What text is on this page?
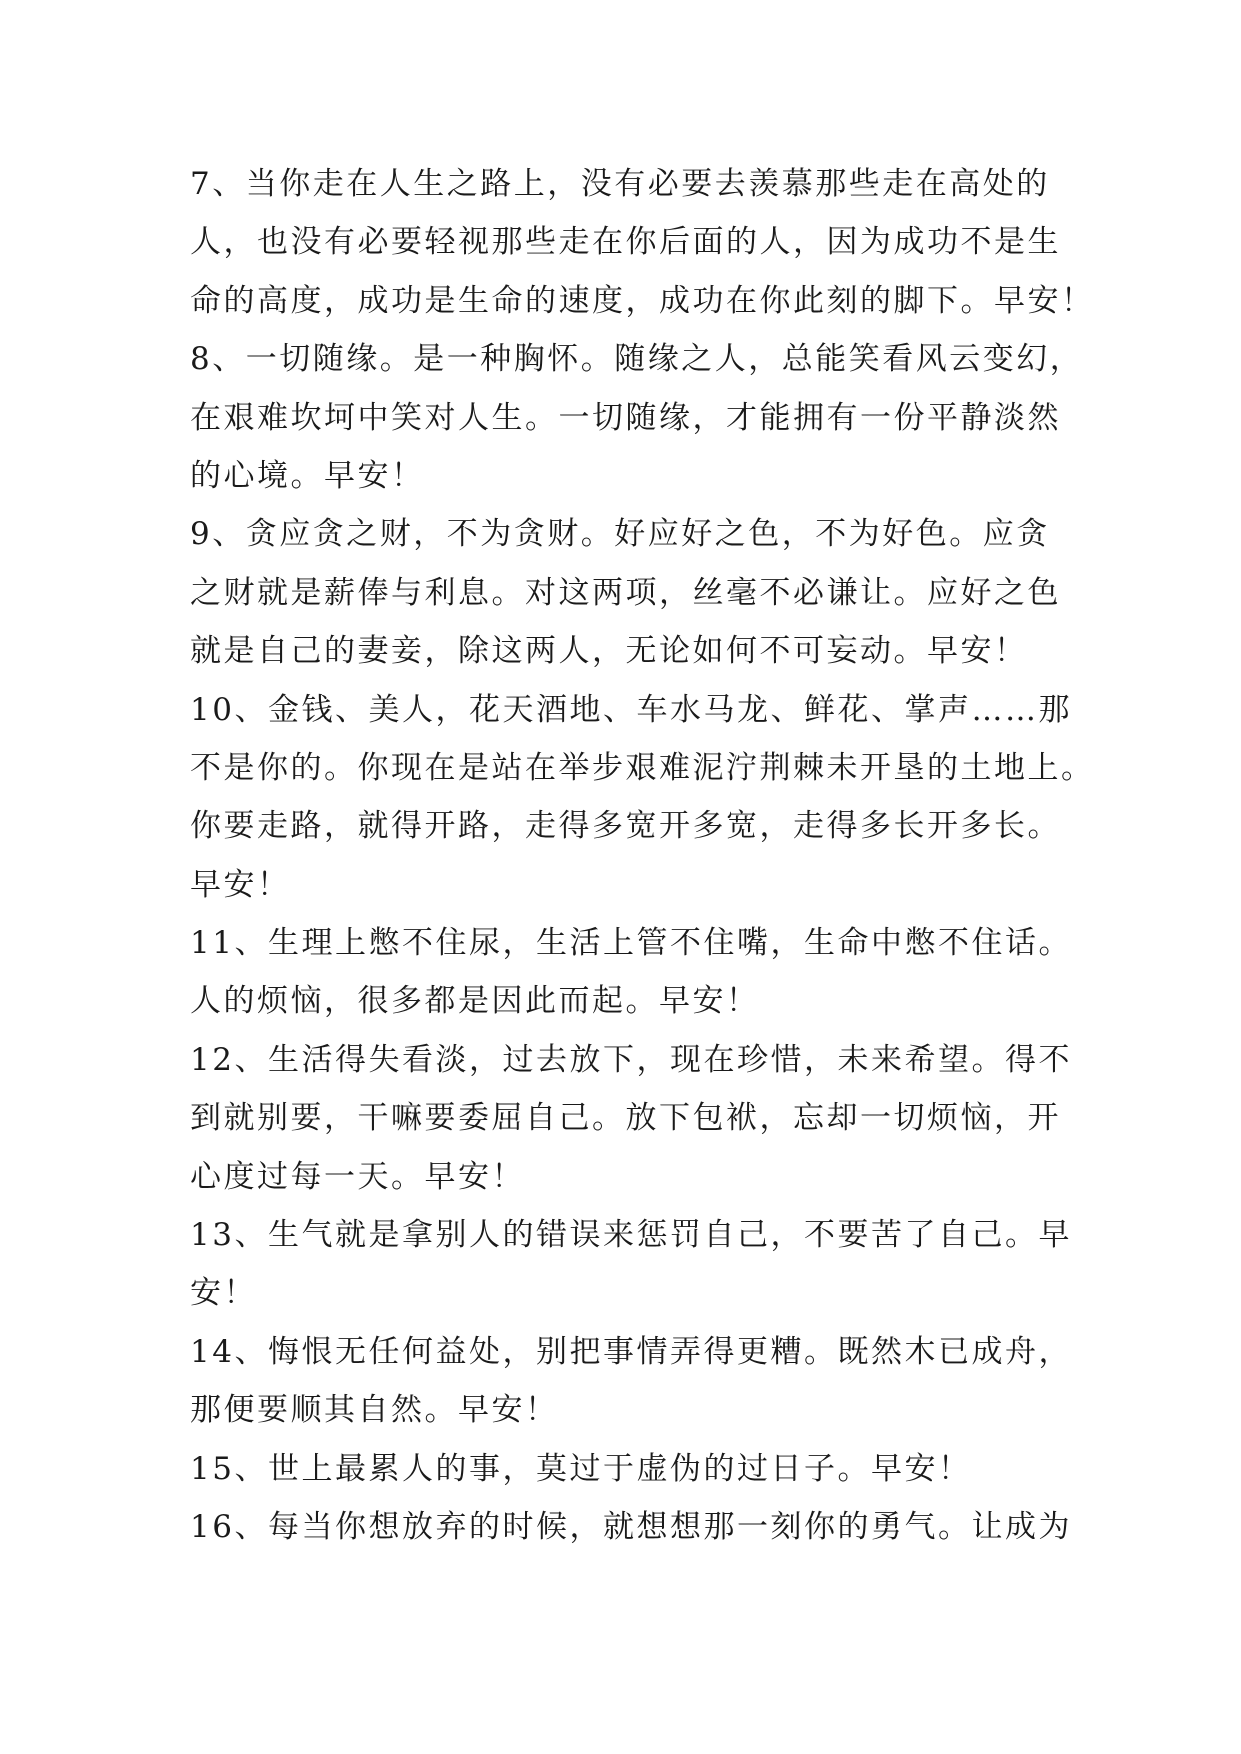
7、当你走在人生之路上，没有必要去羡慕那些走在高处的
人，也没有必要轻视那些走在你后面的人，因为成功不是生
命的高度，成功是生命的速度，成功在你此刻的脚下。早安！
8、一切随缘。是一种胸怀。随缘之人，总能笑看风云变幻，
在艰难坎坷中笑对人生。一切随缘，才能拥有一份平静淡然
的心境。早安！
9、贪应贪之财，不为贪财。好应好之色，不为好色。应贪
之财就是薪俸与利息。对这两项，丝毫不必谦让。应好之色
就是自己的妻妾，除这两人，无论如何不可妄动。早安！
10、金钱、美人，花天酒地、车水马龙、鲜花、掌声……那
不是你的。你现在是站在举步艰难泥泞荆棘未开垦的土地上。
你要走路，就得开路，走得多宽开多宽，走得多长开多长。
早安！
11、生理上憋不住尿，生活上管不住嘴，生命中憋不住话。
人的烦恼，很多都是因此而起。早安！
12、生活得失看淡，过去放下，现在珍惜，未来希望。得不
到就别要，干嘛要委屈自己。放下包袱，忘却一切烦恼，开
心度过每一天。早安！
13、生气就是拿别人的错误来惩罚自己，不要苦了自己。早
安！
14、悔恨无任何益处，别把事情弄得更糟。既然木已成舟，
那便要顺其自然。早安！
15、世上最累人的事，莫过于虚伪的过日子。早安！
16、每当你想放弃的时候，就想想那一刻你的勇气。让成为
